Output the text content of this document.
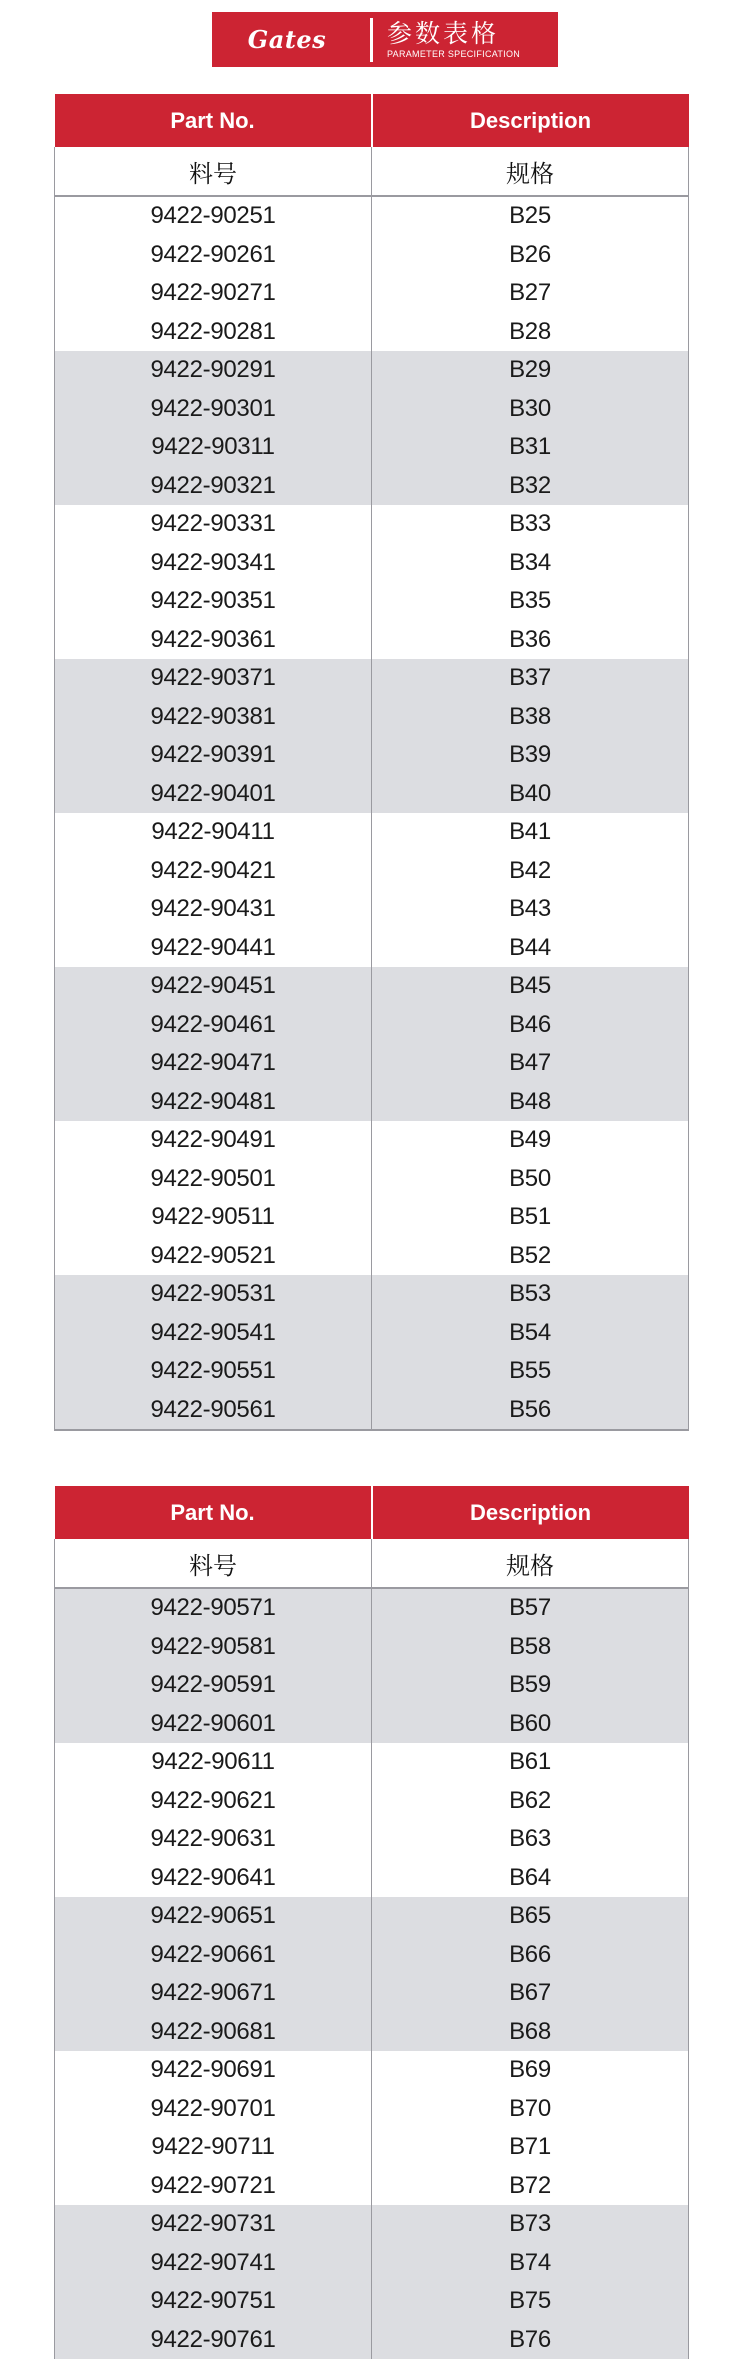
Gates	参数表格
PARAMETER SPECIFICATION
Part No.	Description
料号	规格
9422-90251	B25
9422-90261	B26
9422-90271	B27
9422-90281	B28
9422-90291	B29
9422-90301	B30
9422-90311	B31
9422-90321	B32
9422-90331	B33
9422-90341	B34
9422-90351	B35
9422-90361	B36
9422-90371	B37
9422-90381	B38
9422-90391	B39
9422-90401	B40
9422-90411	B41
9422-90421	B42
9422-90431	B43
9422-90441	B44
9422-90451	B45
9422-90461	B46
9422-90471	B47
9422-90481	B48
9422-90491	B49
9422-90501	B50
9422-90511	B51
9422-90521	B52
9422-90531	B53
9422-90541	B54
9422-90551	B55
9422-90561	B56
Part No.	Description
料号	规格
9422-90571	B57
9422-90581	B58
9422-90591	B59
9422-90601	B60
9422-90611	B61
9422-90621	B62
9422-90631	B63
9422-90641	B64
9422-90651	B65
9422-90661	B66
9422-90671	B67
9422-90681	B68
9422-90691	B69
9422-90701	B70
9422-90711	B71
9422-90721	B72
9422-90731	B73
9422-90741	B74
9422-90751	B75
9422-90761	B76
